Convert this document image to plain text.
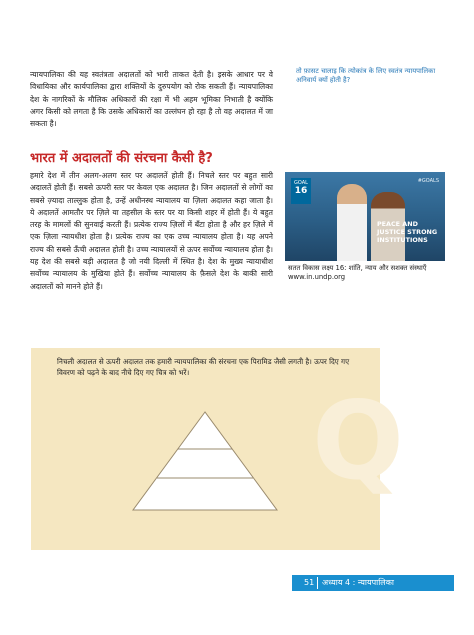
न्यायपालिका की यह स्वतंत्रता अदालतों को भारी ताकत देती है। इसके आधार पर वे विधायिका और कार्यपालिका द्वारा शक्तियों के दुरुपयोग को रोक सकती हैं। न्यायपालिका देश के नागरिकों के मौलिक अधिकारों की रक्षा में भी अहम भूमिका निभाती है क्योंकि अगर किसी को लगता है कि उसके अधिकारों का उल्लंघन हो रहा है तो वह अदालत में जा सकता है।
तो फ़ासट चालाइ कि त्योकांत्र के लिए स्वतंत्र न्यायपालिका अनिवार्य क्यों होती है?
भारत में अदालतों की संरचना कैसी है?
हमारे देश में तीन अलग-अलग स्तर पर अदालतें होती हैं। निचले स्तर पर बहुत सारी अदालतें होती हैं। सबसे ऊपरी स्तर पर केवल एक अदालत है। जिन अदालतों से लोगों का सबसे ज़्यादा ताल्लुक होता है, उन्हें अधीनस्थ न्यायालय या ज़िला अदालत कहा जाता है। ये अदालतें आमतौर पर ज़िले या तहसील के स्तर पर या किसी शहर में होती हैं। ये बहुत तरह के मामलों की सुनवाई करती हैं। प्रत्येक राज्य ज़िलों में बँटा होता है और हर ज़िले में एक ज़िला न्यायधीश होता है। प्रत्येक राज्य का एक उच्च न्यायालय होता है। यह अपने राज्य की सबसे ऊँची अदालत होती है। उच्च न्यायालयों से ऊपर सर्वोच्च न्यायालय होता है। यह देश की सबसे बड़ी अदालत है जो नयी दिल्ली में स्थित है। देश के मुख्य न्यायाधीश सर्वोच्च न्यायालय के मुखिया होते हैं। सर्वोच्च न्यायालय के फ़ैसले देश के बाकी सारी अदालतों को मानने होते हैं।
GOAL
16
PEACE AND JUSTICE STRONG INSTITUTIONS
#GOALS
सतत विकास लक्ष्य 16: शांति, न्याय और सशक्त संस्थाएँ www.in.undp.org
निचली अदालत से ऊपरी अदालत तक हमारी न्यायपालिका की संरचना एक पिरामिड जैसी लगती है। ऊपर दिए गए विवरण को पढ़ने के बाद नीचे दिए गए चित्र को भरें।
Q
51 अध्याय 4 : न्यायपालिका
